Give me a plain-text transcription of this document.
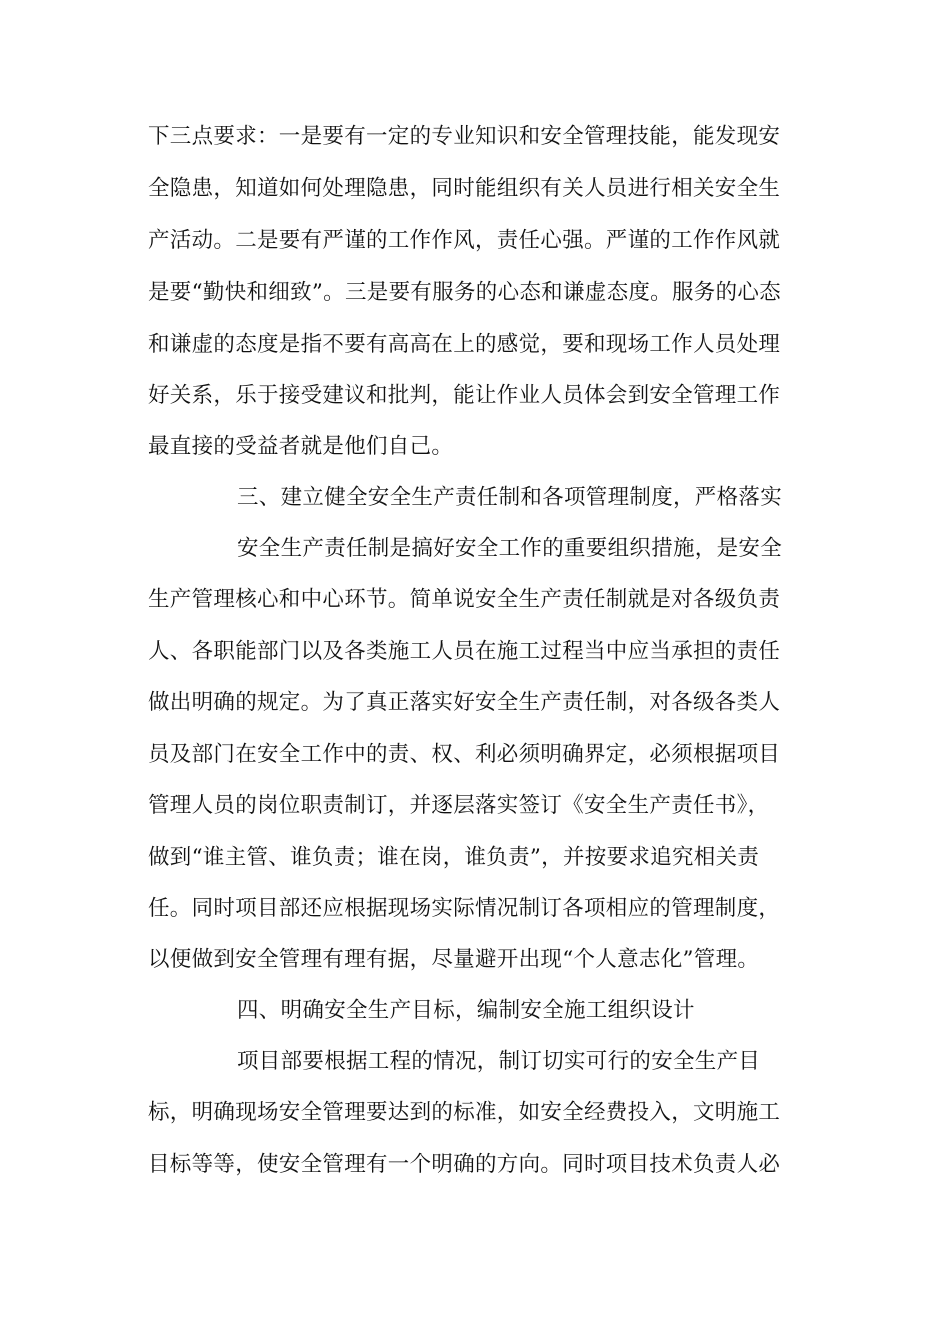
下三点要求：一是要有一定的专业知识和安全管理技能，能发现安
全隐患，知道如何处理隐患，同时能组织有关人员进行相关安全生
产活动。二是要有严谨的工作作风，责任心强。严谨的工作作风就
是要“勤快和细致”。三是要有服务的心态和谦虚态度。服务的心态
和谦虚的态度是指不要有高高在上的感觉，要和现场工作人员处理
好关系，乐于接受建议和批判，能让作业人员体会到安全管理工作
最直接的受益者就是他们自己。
三、建立健全安全生产责任制和各项管理制度，严格落实
安全生产责任制是搞好安全工作的重要组织措施，是安全
生产管理核心和中心环节。简单说安全生产责任制就是对各级负责
人、各职能部门以及各类施工人员在施工过程当中应当承担的责任
做出明确的规定。为了真正落实好安全生产责任制，对各级各类人
员及部门在安全工作中的责、权、利必须明确界定，必须根据项目
管理人员的岗位职责制订，并逐层落实签订《安全生产责任书》，
做到“谁主管、谁负责；谁在岗，谁负责”，并按要求追究相关责
任。同时项目部还应根据现场实际情况制订各项相应的管理制度，
以便做到安全管理有理有据，尽量避开出现“个人意志化”管理。
四、明确安全生产目标，编制安全施工组织设计
项目部要根据工程的情况，制订切实可行的安全生产目
标，明确现场安全管理要达到的标准，如安全经费投入，文明施工
目标等等，使安全管理有一个明确的方向。同时项目技术负责人必
